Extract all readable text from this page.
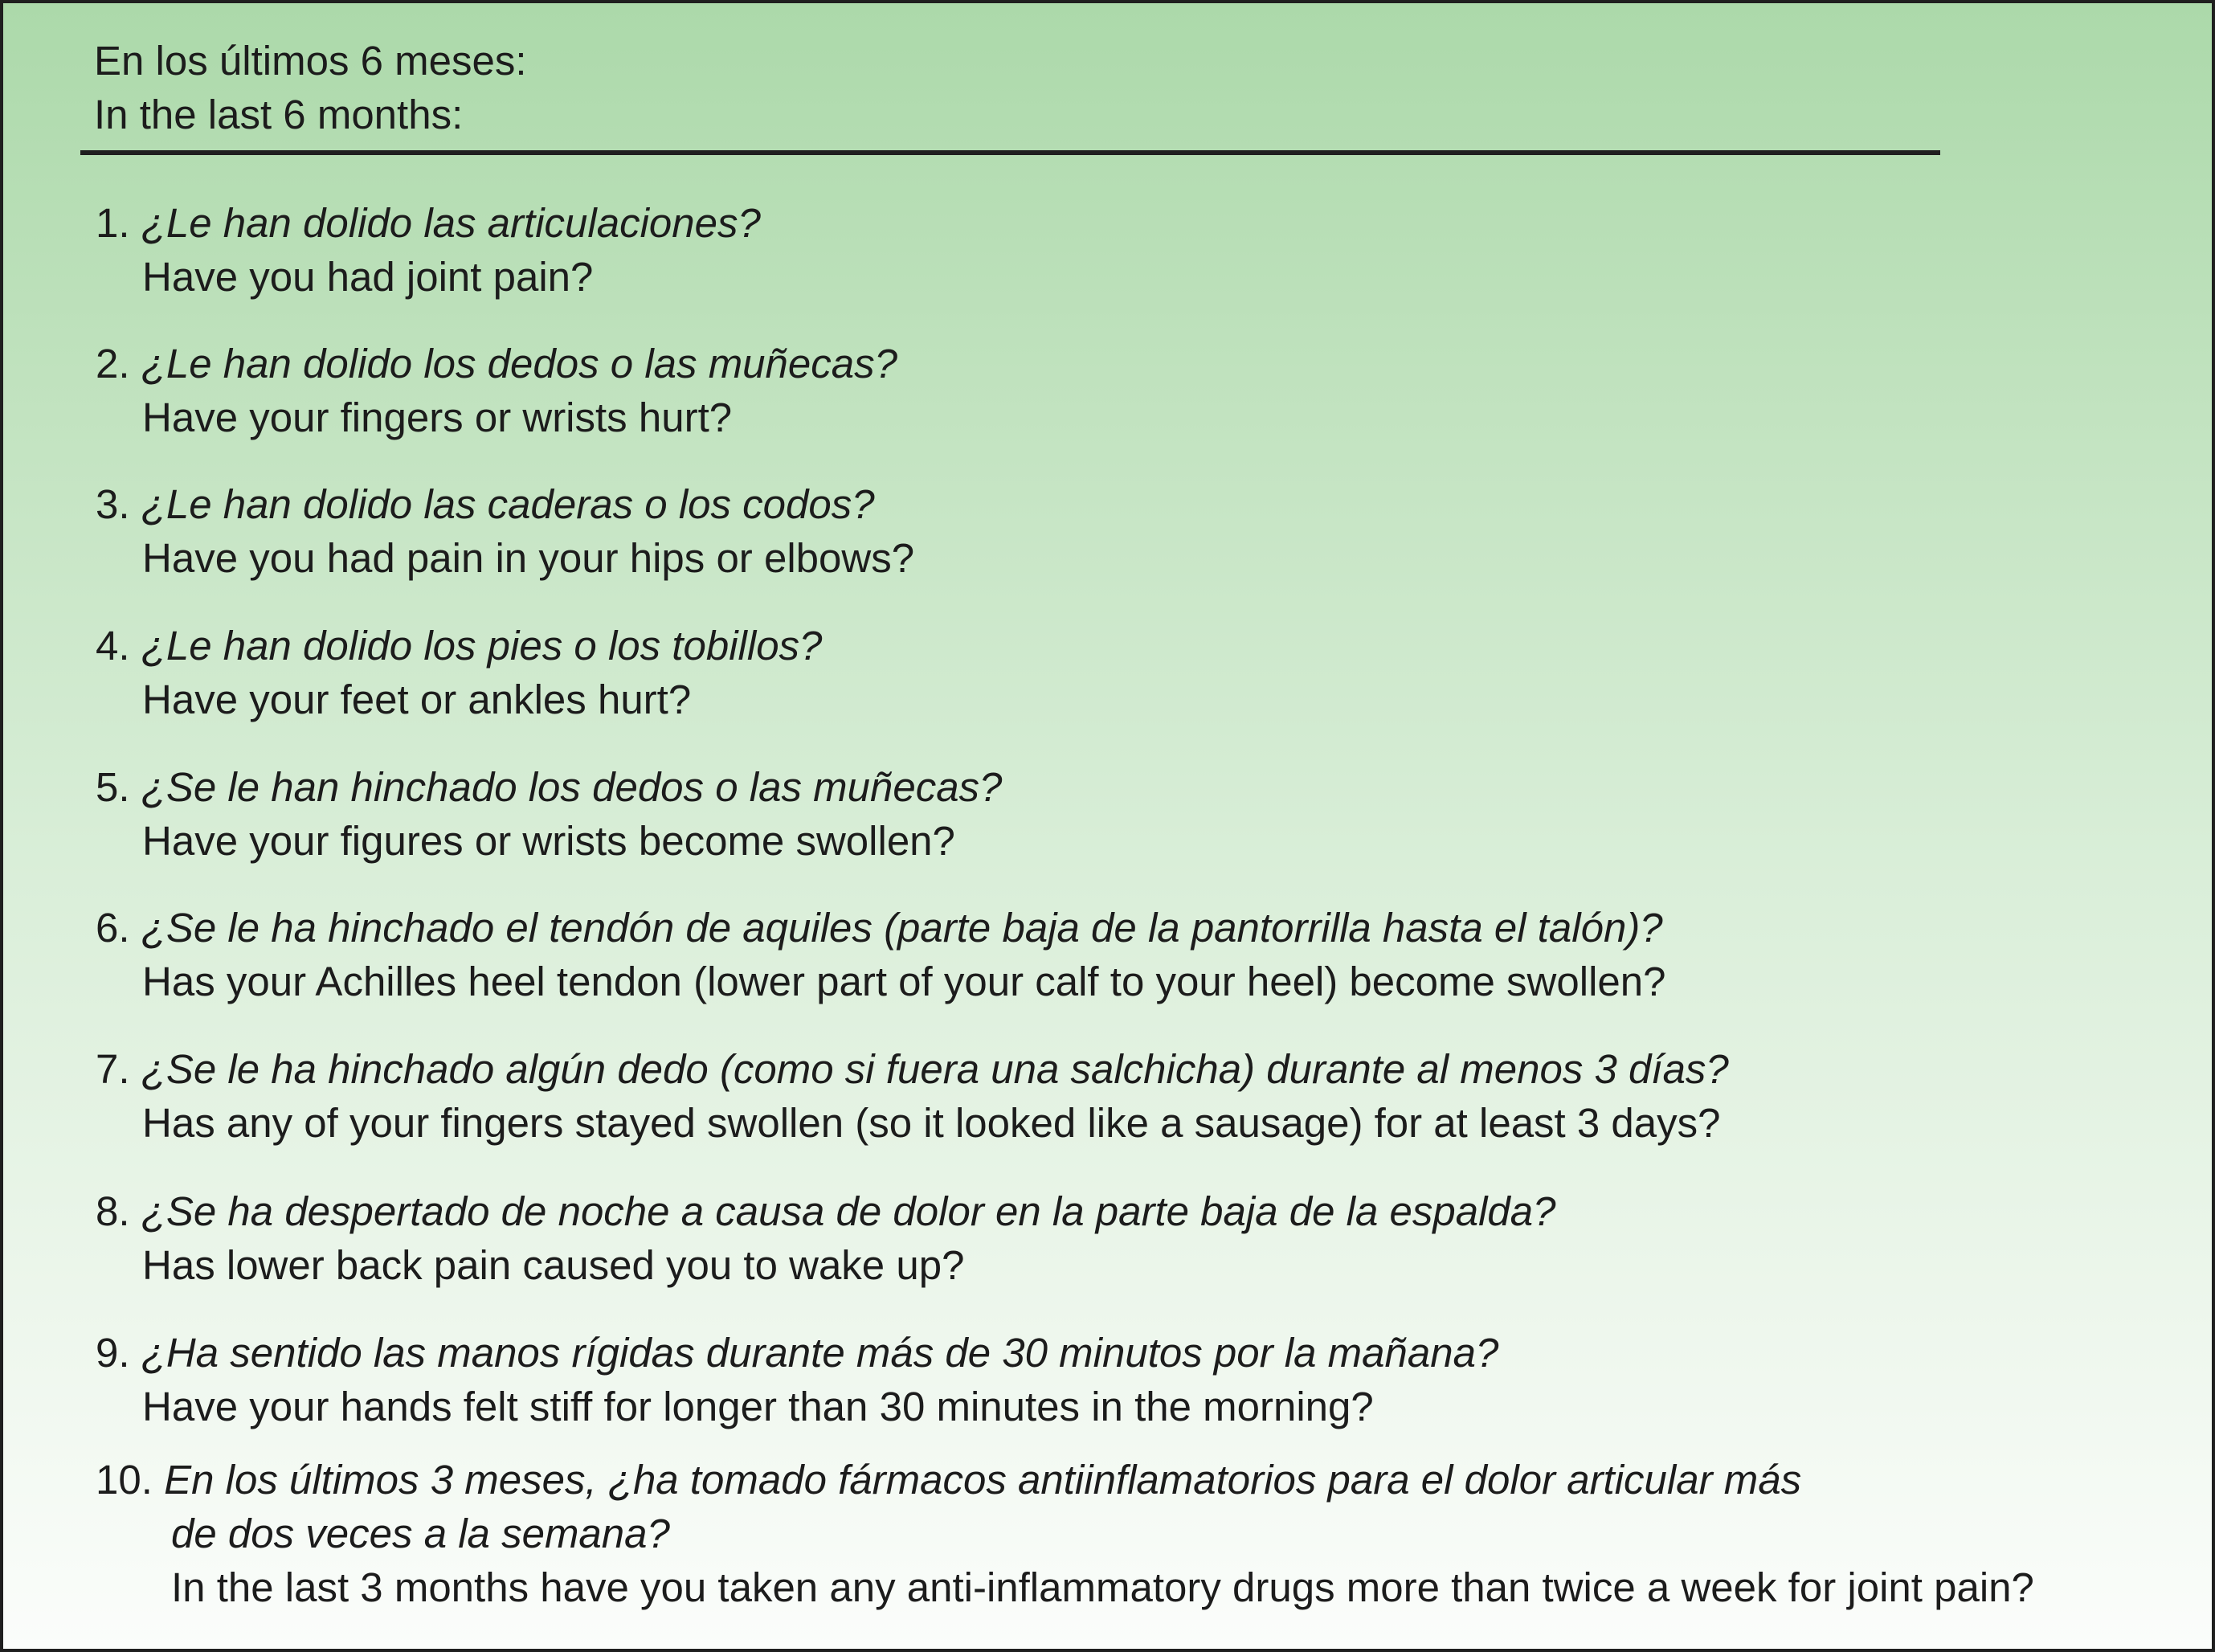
En los últimos 6 meses:
In the last 6 months:
1. ¿Le han dolido las articulaciones?
Have you had joint pain?
2. ¿Le han dolido los dedos o las muñecas?
Have your fingers or wrists hurt?
3. ¿Le han dolido las caderas o los codos?
Have you had pain in your hips or elbows?
4. ¿Le han dolido los pies o los tobillos?
Have your feet or ankles hurt?
5. ¿Se le han hinchado los dedos o las muñecas?
Have your figures or wrists become swollen?
6. ¿Se le ha hinchado el tendón de aquiles (parte baja de la pantorrilla hasta el talón)?
Has your Achilles heel tendon (lower part of your calf to your heel) become swollen?
7. ¿Se le ha hinchado algún dedo (como si fuera una salchicha) durante al menos 3 días?
Has any of your fingers stayed swollen (so it looked like a sausage) for at least 3 days?
8. ¿Se ha despertado de noche a causa de dolor en la parte baja de la espalda?
Has lower back pain caused you to wake up?
9. ¿Ha sentido las manos rígidas durante más de 30 minutos por la mañana?
Have your hands felt stiff for longer than 30 minutes in the morning?
10. En los últimos 3 meses, ¿ha tomado fármacos antiinflamatorios para el dolor articular más
de dos veces a la semana?
In the last 3 months have you taken any anti-inflammatory drugs more than twice a week for joint pain?
